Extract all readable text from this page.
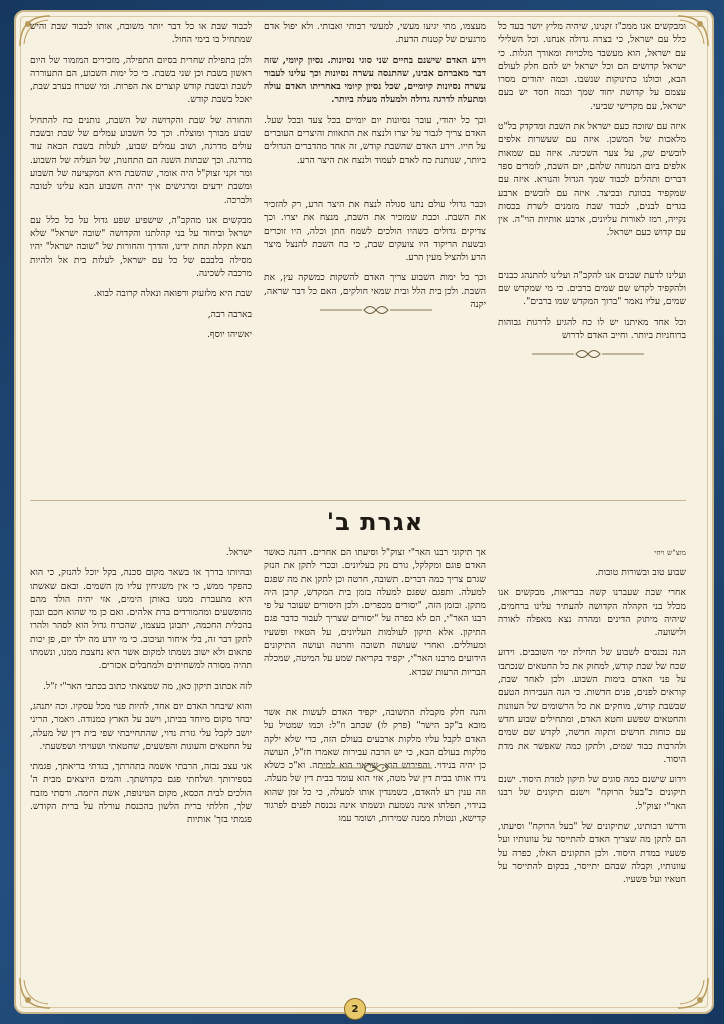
ומבקשים אנו ממכ"ז זקנינו, שיהיה מליץ יושר בעד כל כלל עם ישראל, כי בצרה גדולה אנחנו. וכל השלילי עם ישראל, הוא מעשבד מלכויות ומאורך הגלות. כי ישראל קדושים הם וכל ישראל יש להם חלק לעולם הבא, וכולנו כתינוקות שנשבו. וכמה יהודים מסרו עצמם על קדושת יחוד שמך וכמה חסד יש בעם ישראל, עם מקדישי שביעי.

איזה עם שזוכה כעם ישראל את השבת ומדקדק בל"ט מלאכות של המשכן. איזה עם שעשרות אלפים לובשים שק, על צער השכינה. איזה עם שמאות אלפים ביום המנוחה שלהם, יום השבת, לומדים ספר דברים ותהלים לכבוד שמך הגדול והנורא. איזה עם שמקפיד בכוונת ובכיצד. איזה עם לובשים ארבע בגדים לבנים, לכבוד שבת מזמנים לשרת בכסות נקייה, רמז לאורות עליונים, ארבע אותיות הוי"ה. אין עם קדוש כעם ישראל.

ועלינו לדעת שבנים אנו להקב"ה ועלינו להתנהג כבנים ולהקפיד לקדש שם שמים ברבים. כי מי שמקדש שם שמים, עליו נאמר "ברוך המקדש שמו ברבים".

וכל אחד מאיתנו יש לו כח להגיע לדרגות גבוהות ברוחניות ביותר. וחייב האדם לדרוש

מעצמו, מתי יגיעו מעשי, למעשי רבותי ואבותי. ולא יפול אדם מרגעים של קטנות הדעת.

וידע האדם שישנם בחיים שני סוגי נסיונות. נסיון קיומי, שזה דבר מאברהם אבינו, שהתנסה עשרה נסיונות וכך עלינו לעבור עשרה נסיונות קיומיים, שכל נסיון קיומי באחריתו האדם עולה ומתעלה לדרגה גדולה ולמעלה מעלה ביותר.

וכך כל יהודי, עובר נסיונות יום יומיים בכל צעד ובכל שעל. האדם צריך לגבור על יצרו ולנצח את התאוות והיצרים העוברים על חייו. וידע האדם שהשבת קודש, זה אחד מהדברים הגדולים ביותר, שנותנת כח לאדם לעמוד ולנצח את היצר הרע.

וכבר גדולי עולם נתנו סגולה לנצח את היצר הרע, רק להזכיר את השבת. וכבת שמזכיר את השבת, מנצח את יצרו. וכך צדיקים גדולים כשהיו הולכים לשמח חתן וכלה, היו זוכרים ובשעת הריקוד היו צועקים שבת, כי כח השבת להנצל מיצר הרע ולהציל מעין הרע.

וכך כל ימות השבוע צריך האדם להשקות כמשקה עץ, את השבת. ולכן בית הלל ובית שמאי חולקים, האם כל דבר שראה, יקנה

לכבוד שבת או כל דבר יותר משובח, אותו לכבוד שבת והיש שמתחיל בו בימי החול.

ולכן בתפילת שחרית בסיום התפילה, מזכירים המזמור של היום ראשון בשבת וכן שני בשבת. כי כל ימות השבוע, הם התעוררה לשבת ובשבת קודש קוצרים את הפרות. ומי שטרח בערב שבת, יאכל בשבת קודש.

והחורה של שבת והקדושה של השבת, נותנים כח להתחיל שבוע מבורך ומוצלח. וכך כל חשבוע עמלים של שבת ובשבת עולים מדרגה, ושוב עמלים שבוע, לעלות בשבת הבאה עוד מדרגה. וכך שבתות השנה הם התחנות, של העליה של השבוע. ומר זקני זצוק"ל היה אומר, שהשבת היא המקציעה של השבוע ומשבת ידעים ומרגישים איך יהיה חשבוע הבא עלינו לטובה ולברכה.

מבקשים אנו מהקב"ה, שישפיע שפע גדול על כל כלל עם ישראל וביחוד על בני קהלתנו והקדושה "שובה ישראל" שלא תצא תקלה תחת ידינו, והדרך והחורות של "שובה ישראל" יהיו מסילה בלבבם של כל עם ישראל, לעלות בית אל ולהיות מרכבה לשכינה.

שבת היא מלזעוק ורפואה ונאלה קרובה לבוא.

בארבה רבה,

יאשיהו יוסף.

אגרת ב'
מוצ"ש ויחי

שבוע טוב ובשורות טובות.

אחרי שבת שעברנו קשה בבריאות, מבקשים אנו מכלל בני הקהלה הקדושה להעתיר עלינו ברחמים, שיהיה מיתוק הדינים ומהרה נצא מאפלה לאורה ולישועה.

הנה נכנסים לשבוע של תחילת ימי השובבים. וידוע שכח של שבת קודש, למחוק את כל החטאים שנכתבו על פני האדם בימות השבוע. ולכן לאחר שבת, קוראים לפנים, פנים חדשות. כי הנה העבירות הטעם שבשבת קודש, מוחקים את כל הרשומים של העוונות והחטאים שפשע וחטא האדם, ומתחילים שבוע חדש עם כוחות חדשים ותקוה חדשה, לקדש שם שמים ולהרבות כבוד שמים, ולתקן כמה שאפשר את מדת היסוד.

וידוע שישנם כמה סוגים של תיקון למדת היסוד. ישנם תיקונים כ"בעל הרוקח" וישנם תיקונים של רבנו האר"י זצוק"ל.

ודרשו רבותינו, שתיקונים של "בעל הרוקח" וסיעתו, הם לתקן מה שצריך האדם להתייסר על עוונותיו ועל פשעיו במדת היסוד. ולכן התקונים האלו, כפרה על עוונותיו, וקבלה שבהם יתייסר, בכקום להתייסר על חטאיו ועל פשעיו.

אך תיקוני רבנו האר"י זצוק"ל וסיעתו הם אחרים. דהנה כאשר האדם פוגם ומקלקל, גורם נזק בעליונים. ובכדי לתקן את הנזק שגרם צריך כמה דברים. תשובה, חרטה וכן לתקן את מה שפגם למעלה. ותפגם שפגם למעלה בזמן בית המקדש, קרבן היה מתקן. ובזמן הזה, "יסורים מכפרים. ולכן היסורים שעובר על פי רבנו האר"י, הם לא כפרה על "יסורים שצריך לעבור כדבר פגם התיקון. אלא תיקון לעולמות העליונים, על הטאיו ופשעיו ומעוללים. ואחרי שעושה תשובה וחרטה ועושה התיקונים הידועים מרבנו האר"י, יקפיד בקריאת שמע על המיטה, שמכלה הבריות הרעות שברא.

והנה חלק מקבלת התשובה, יקפיד האדם לעשות את אשר מובא ב"קב הישר" (פרק לו) שכתב וז"ל: וכמו שמטיל על האדם לקבל עליו מלקות ארבעים בעולם הזה, כדי שלא ילקה מלקות בעולם הבא, כי יש הרבה עבירות שאמרו חז"ל, העושה כן יהיה בנידוי. והפירוש הוא, שראוי הוא למיתה. וא"כ כשלא נידו אותו בבית דין של מטה, אזי הוא עומד בבית דין של מעלה. וזה ענין רע להאדם, כשמנדין אותו למעלה, כי כל זמן שהוא בנידוי, תפלתו אינה נשמעת ונשמתו אינה נכנסת לפנים לפרגוד קדישא, ונטולת ממנה שמירות, ושומר עמו

ישראל.

ובהיותו בדרך או בשאר מקום סכנה, בקל יוכל להנזק, כי הוא כהפקר ממש, כי אין משגיחין עליו מן השמים. ובאם שאשתו היא מתעברת ממנו באותן הימים, אזי יהיה הולד מהם מהופשעים ומהמורדים בדת אלהים. ואם כן מי שהוא חכם ונבון בהכלית החכמה, יתבונן בעצמו, שהכרח גדול הוא לסהר ולהרו לתקן דבר זה, בלי איחור ועיכוב. כי מי יודע מה ילד יום, פן יכות פתאום ולא ישוב נשמתו למקום אשר היא נחצבת ממנו, ונשמתו תהיה מסורה למשחיתים ולמחבלים אכזרים.

לזה אכתוב תיקון כאן, מה שמצאתי כתוב בכתבי האר"י ז"ל.

והוא שיבחר האדם יום אחד, להיות פנוי מכל עסקיו. וכה יתנהג, יבחר מקום מיוחד בביתו, וישב על הארץ כמנודה. ויאמר, הריני יושב לקבל עלי גזרת נדוי, שהתחייבתי שפי בית דין של מעלה, על החטאים והעונות והפשעים, שחטאתי ושעויתי ושפשעתי.

אני עצב נבזה, הרבתי אשמה בתהרתך, בגדתי בריאתך, פגמתי בספירותך ושלחתי פגם בקדושתך. והמים היוצאים מבית ה' הולכים לבית הכסא, מקום הטינופת, אשת היזמה. ורסתי מזבח שלך, חללתי ברית הלשון בהכנסת עורלה על ברית הקודש. פגמתי בזך' אותיות

2
